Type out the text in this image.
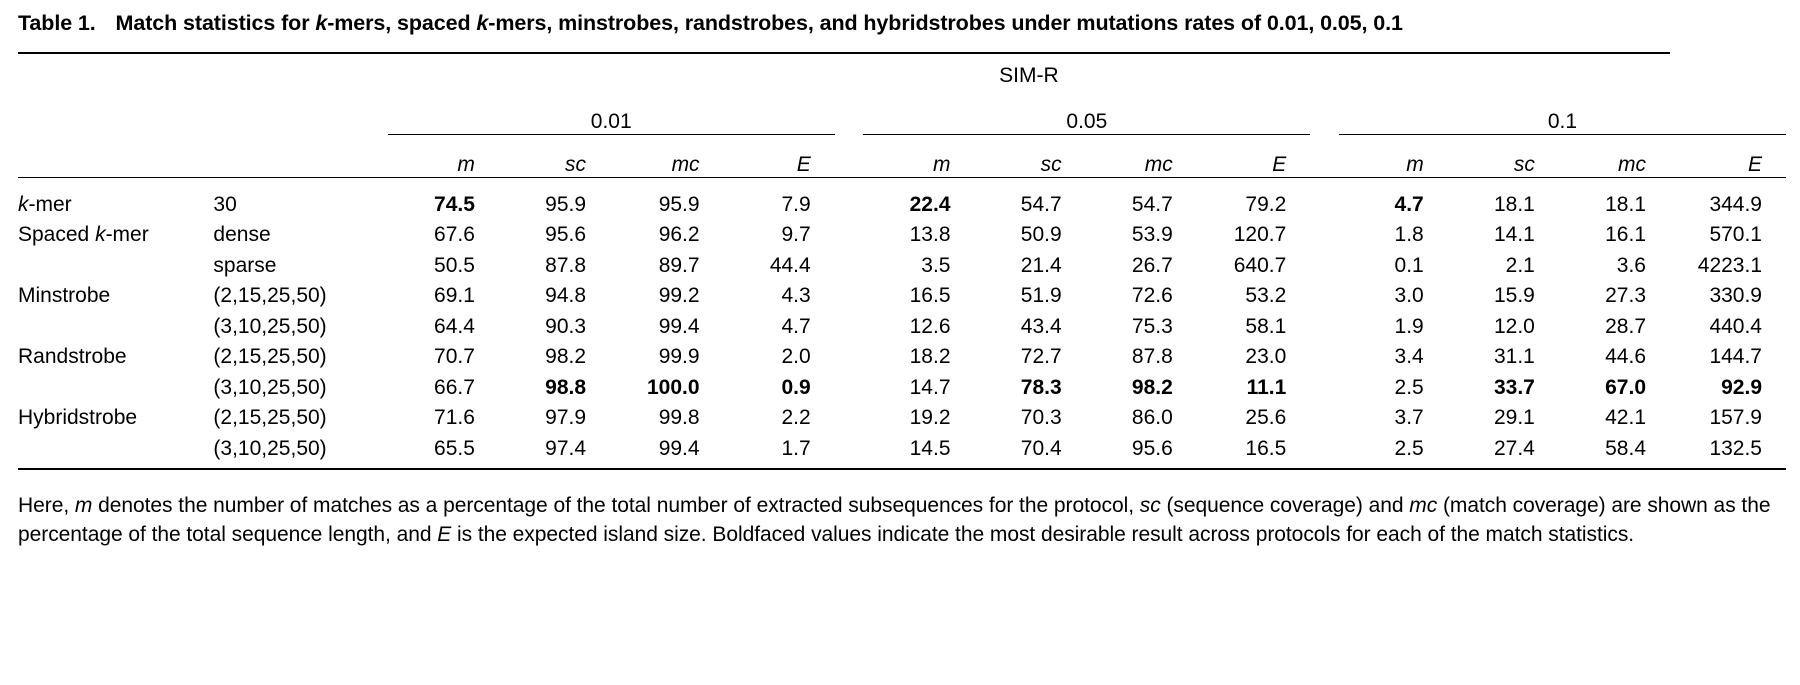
Table 1. Match statistics for k-mers, spaced k-mers, minstrobes, randstrobes, and hybridstrobes under mutations rates of 0.01, 0.05, 0.1
		SIM-R													
		0.01					0.05					0.1			
		m	sc	mc	E		m	sc	mc	E		m	sc	mc	E
k-mer	30	74.5	95.9	95.9	7.9		22.4	54.7	54.7	79.2		4.7	18.1	18.1	344.9
Spaced k-mer	dense	67.6	95.6	96.2	9.7		13.8	50.9	53.9	120.7		1.8	14.1	16.1	570.1
	sparse	50.5	87.8	89.7	44.4		3.5	21.4	26.7	640.7		0.1	2.1	3.6	4223.1
Minstrobe	(2,15,25,50)	69.1	94.8	99.2	4.3		16.5	51.9	72.6	53.2		3.0	15.9	27.3	330.9
	(3,10,25,50)	64.4	90.3	99.4	4.7		12.6	43.4	75.3	58.1		1.9	12.0	28.7	440.4
Randstrobe	(2,15,25,50)	70.7	98.2	99.9	2.0		18.2	72.7	87.8	23.0		3.4	31.1	44.6	144.7
	(3,10,25,50)	66.7	98.8	100.0	0.9		14.7	78.3	98.2	11.1		2.5	33.7	67.0	92.9
Hybridstrobe	(2,15,25,50)	71.6	97.9	99.8	2.2		19.2	70.3	86.0	25.6		3.7	29.1	42.1	157.9
	(3,10,25,50)	65.5	97.4	99.4	1.7		14.5	70.4	95.6	16.5		2.5	27.4	58.4	132.5
Here, m denotes the number of matches as a percentage of the total number of extracted subsequences for the protocol, sc (sequence coverage) and mc (match coverage) are shown as the percentage of the total sequence length, and E is the expected island size. Boldfaced values indicate the most desirable result across protocols for each of the match statistics.
